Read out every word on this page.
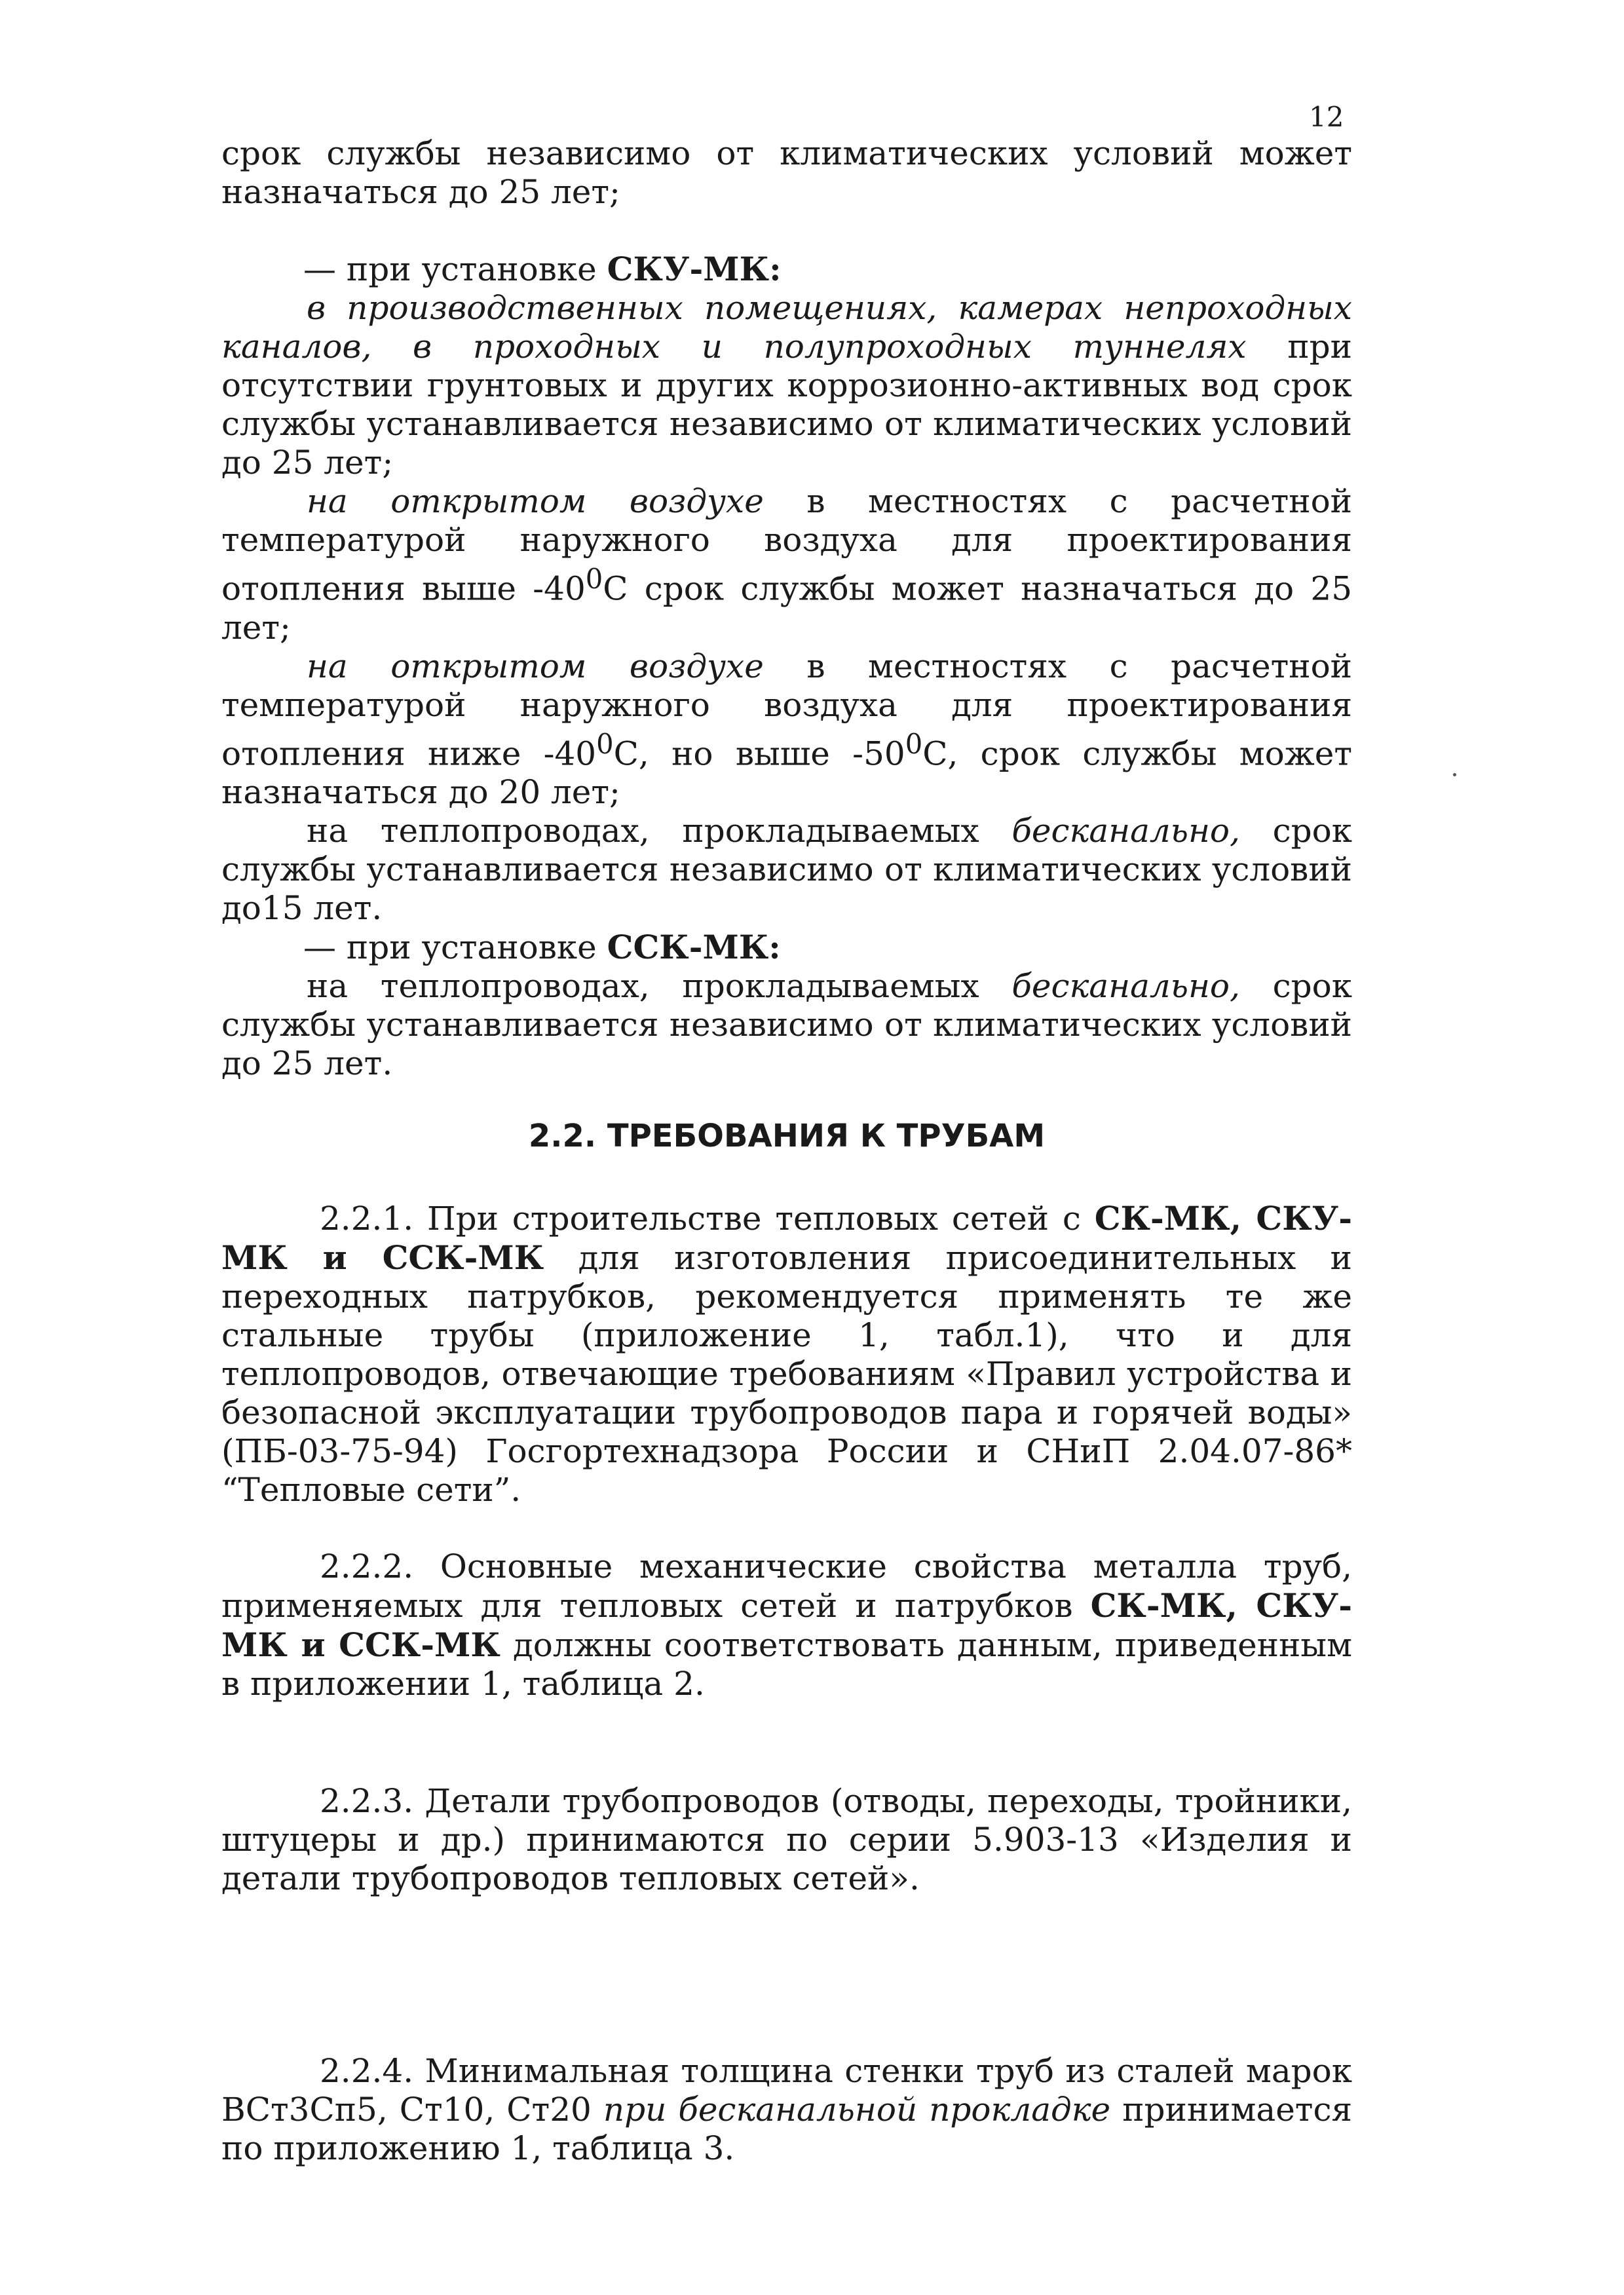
12

срок службы независимо от климатических условий может назначаться до 25 лет;

— при установке СКУ-МК:

в производственных помещениях, камерах непроходных каналов, в проходных и полупроходных туннелях при отсутствии грунтовых и других коррозионно-активных вод срок службы устанавливается независимо от климатических условий до 25 лет;

на открытом воздухе в местностях с расчетной температурой наружного воздуха для проектирования отопления выше $-40^0С$ срок службы может назначаться до 25 лет;

на открытом воздухе в местностях с расчетной температурой наружного воздуха для проектирования отопления ниже $-40^0С$, но выше $-50^0С$, срок службы может назначаться до 20 лет;

на теплопроводах, прокладываемых бесканально, срок службы устанавливается независимо от климатических условий до15 лет.

— при установке ССК-МК:

на теплопроводах, прокладываемых бесканально, срок службы устанавливается независимо от климатических условий до 25 лет.

2.2. ТРЕБОВАНИЯ К ТРУБАМ

2.2.1. При строительстве тепловых сетей с СК-МК, СКУ-МК и ССК-МК для изготовления присоединительных и переходных патрубков, рекомендуется применять те же стальные трубы (приложение 1, табл.1), что и для теплопроводов, отвечающие требованиям «Правил устройства и безопасной эксплуатации трубопроводов пара и горячей воды» (ПБ-03-75-94) Госгортехнадзора России и СНиП 2.04.07-86* “Тепловые сети”.

2.2.2. Основные механические свойства металла труб, применяемых для тепловых сетей и патрубков СК-МК, СКУ-МК и ССК-МК должны соответствовать данным, приведенным в приложении 1, таблица 2.

2.2.3. Детали трубопроводов (отводы, переходы, тройники, штуцеры и др.) принимаются по серии 5.903-13 «Изделия и детали трубопроводов тепловых сетей».

2.2.4. Минимальная толщина стенки труб из сталей марок ВСт3Сп5, Ст10, Ст20 при бесканальной прокладке принимается по приложению 1, таблица 3.
